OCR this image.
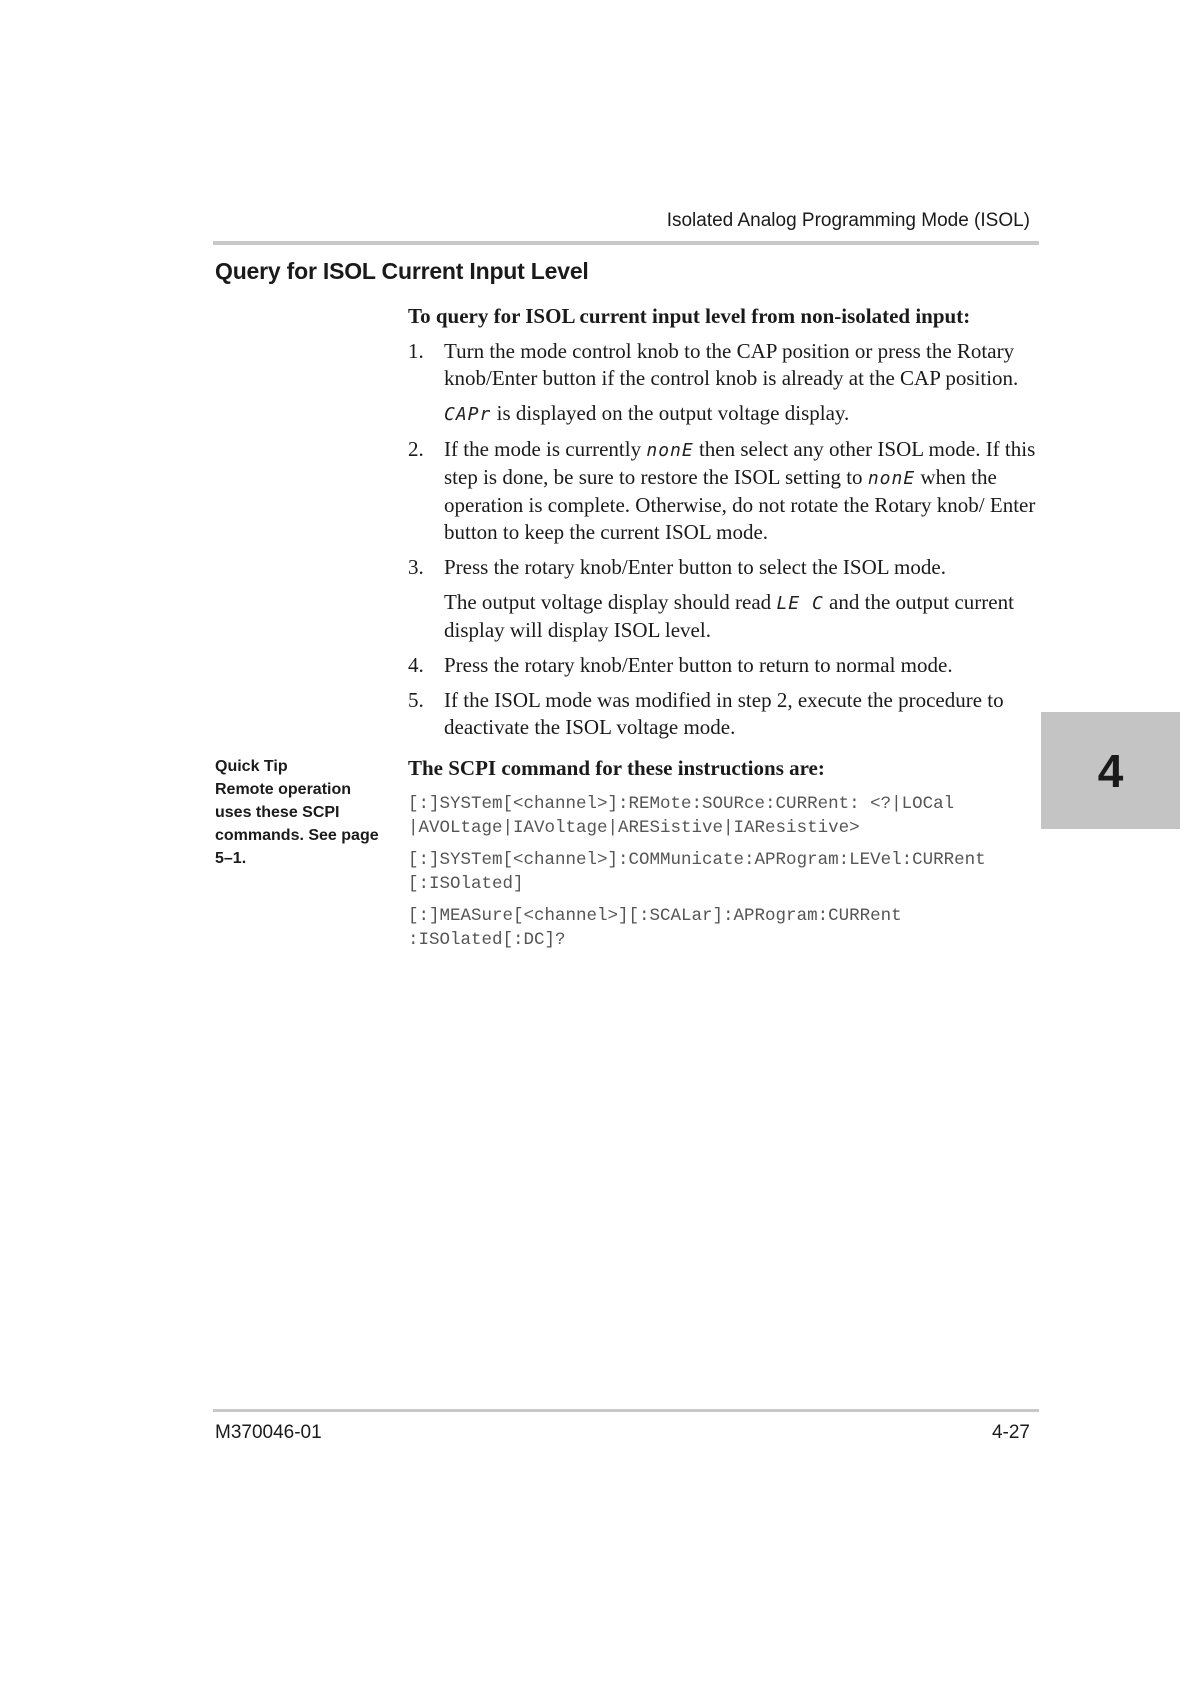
Isolated Analog Programming Mode (ISOL)
Query for ISOL Current Input Level

To query for ISOL current input level from non-isolated input:

1. Turn the mode control knob to the CAP position or press the Rotary knob/Enter button if the control knob is already at the CAP position.
CAPr is displayed on the output voltage display.
2. If the mode is currently nonE then select any other ISOL mode. If this step is done, be sure to restore the ISOL setting to nonE when the operation is complete. Otherwise, do not rotate the Rotary knob/ Enter button to keep the current ISOL mode.
3. Press the rotary knob/Enter button to select the ISOL mode.
The output voltage display should read LE C and the output current display will display ISOL level.
4. Press the rotary knob/Enter button to return to normal mode.
5. If the ISOL mode was modified in step 2, execute the procedure to deactivate the ISOL voltage mode.

The SCPI command for these instructions are:

[:]SYSTem[<channel>]:REMote:SOURce:CURRent: <?|LOCal
|AVOLtage|IAVoltage|ARESistive|IAResistive>
[:]SYSTem[<channel>]:COMMunicate:APRogram:LEVel:CURRent
[:ISOlated]
[:]MEASure[<channel>][:SCALar]:APRogram:CURRent
:ISOlated[:DC]?
Quick Tip
Remote operation uses these SCPI commands. See page 5–1.
4
M370046-01	4-27
